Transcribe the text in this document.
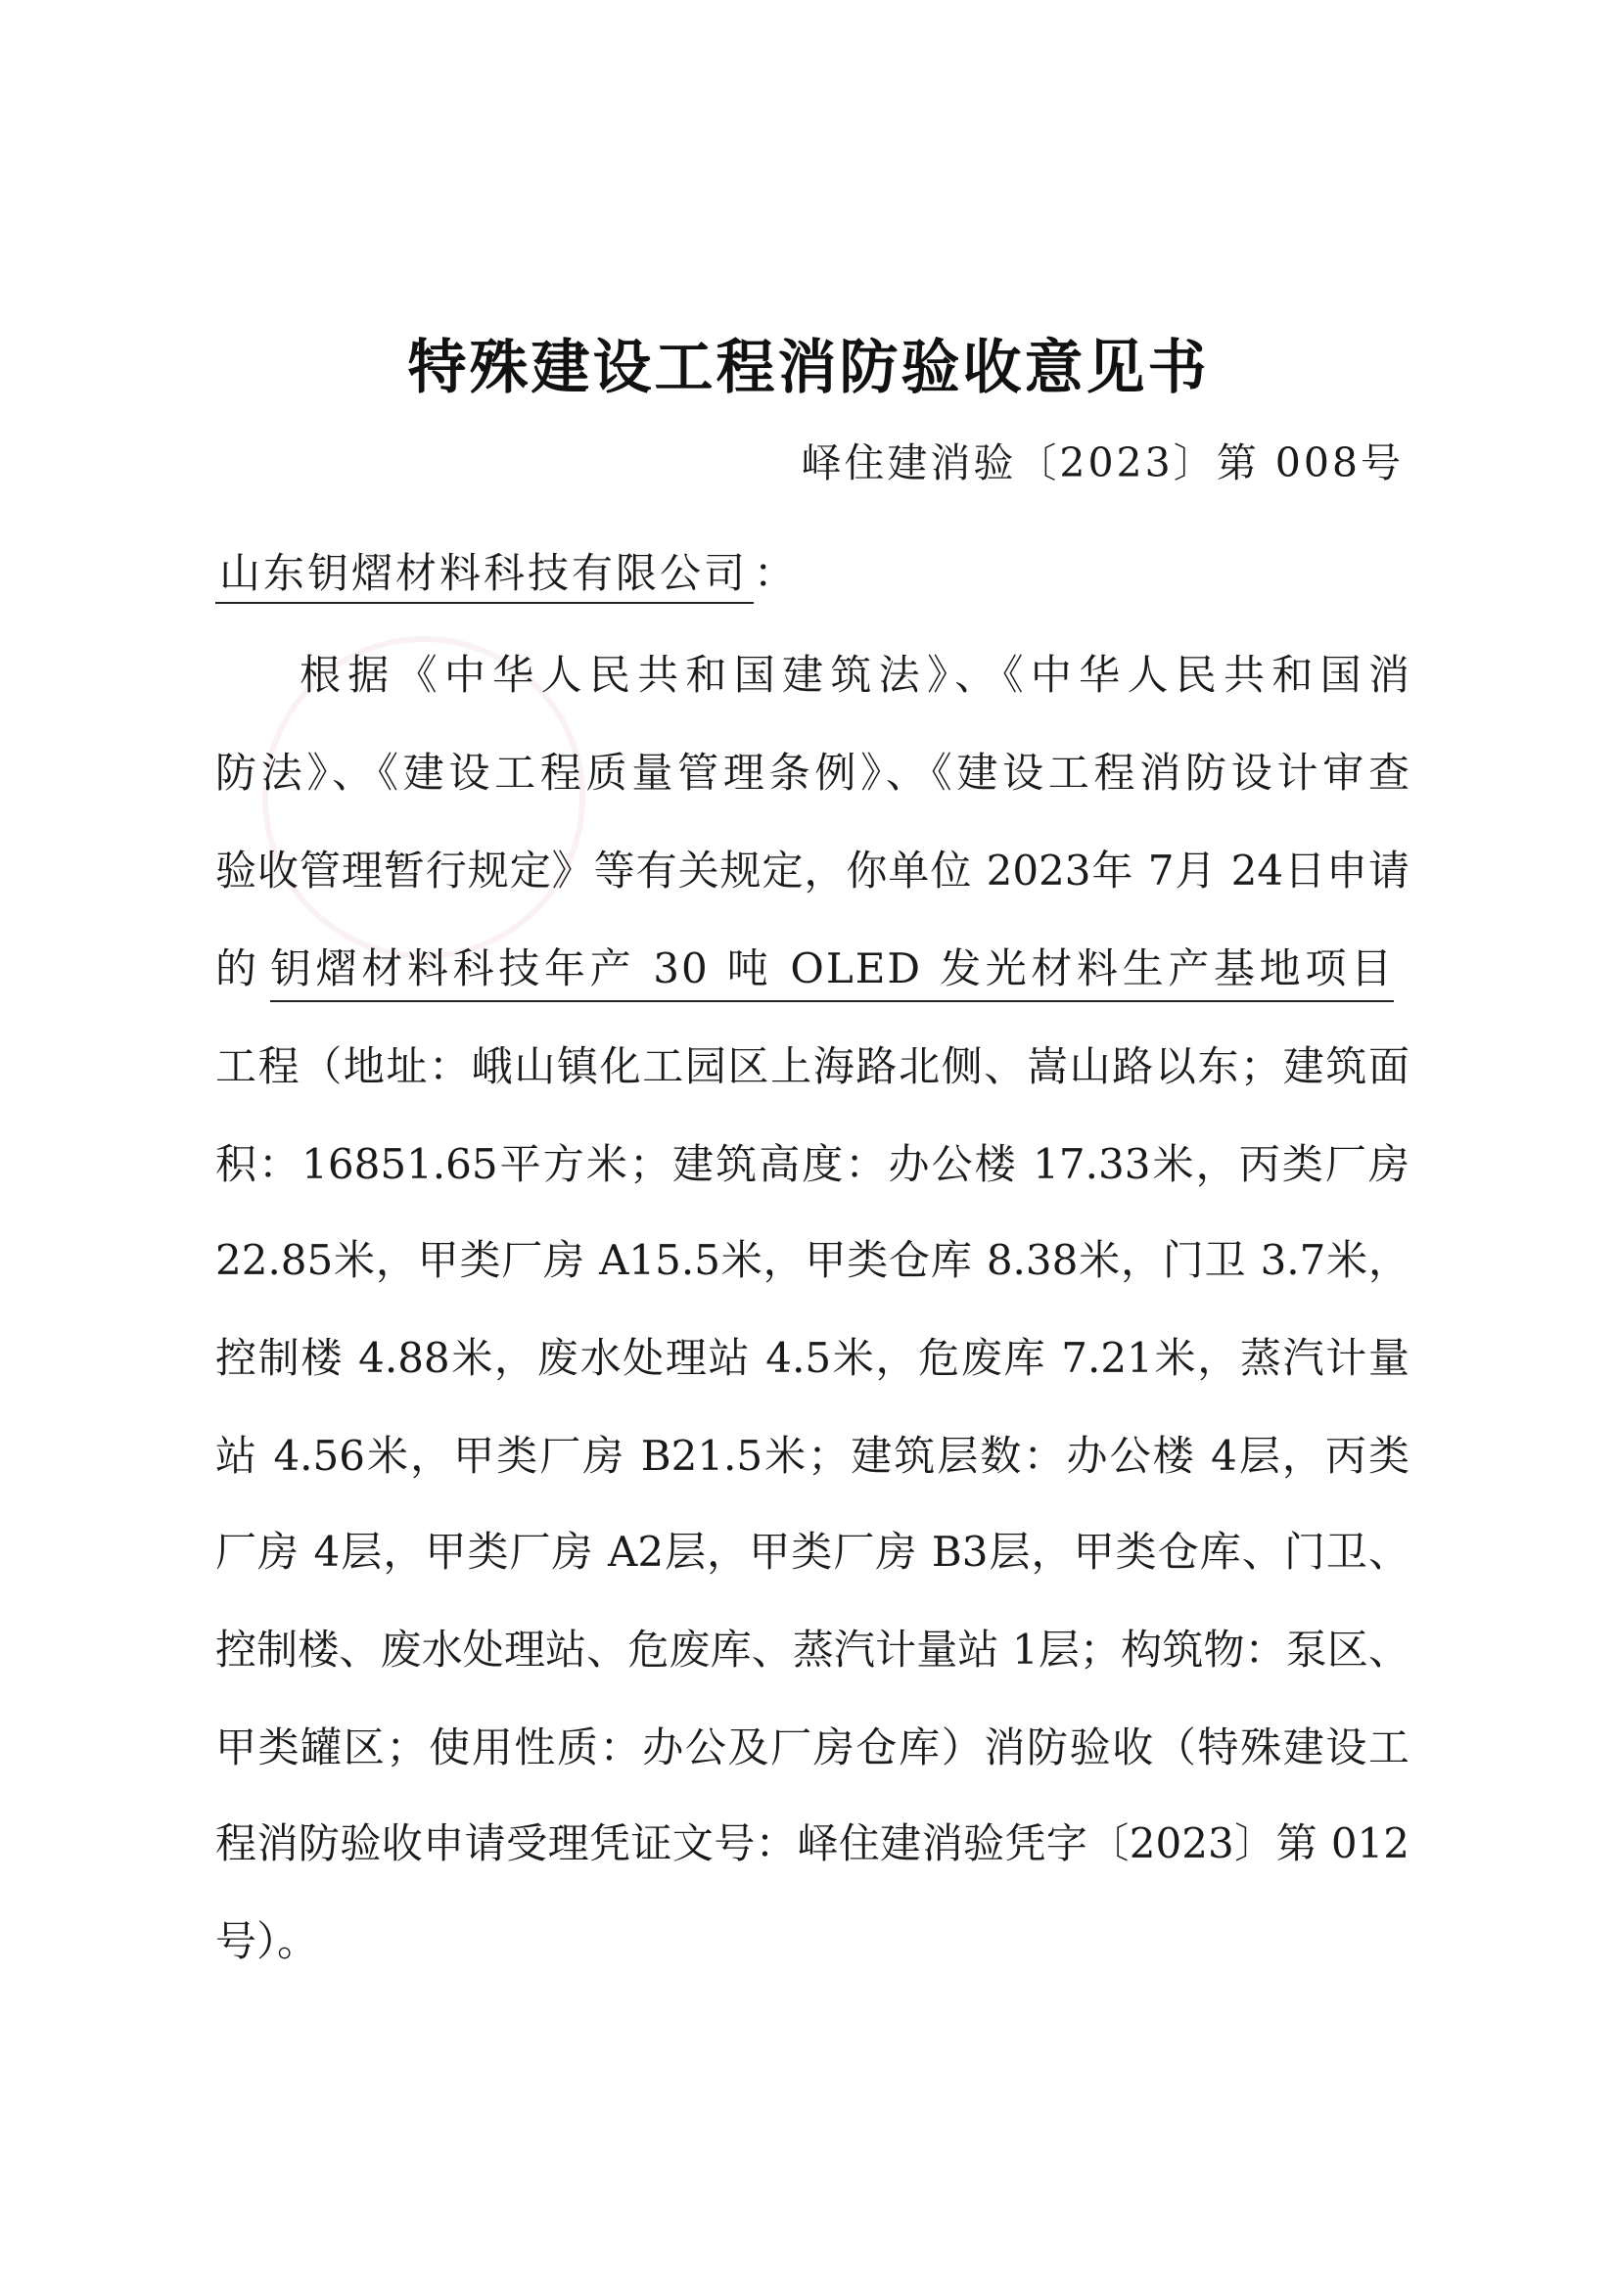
特殊建设工程消防验收意见书
峄住建消验〔2023〕第 008号
山东钥熠材料科技有限公司 ：
根据《中华人民共和国建筑法》、《中华人民共和国消
防法》、《建设工程质量管理条例》、《建设工程消防设计审查
验收管理暂行规定》等有关规定，你单位 2023年 7月 24日申请
的 钥熠材料科技年产 30 吨 OLED 发光材料生产基地项目
工程（地址：峨山镇化工园区上海路北侧、嵩山路以东；建筑面
积：16851.65平方米；建筑高度：办公楼 17.33米，丙类厂房
22.85米，甲类厂房 A15.5米，甲类仓库 8.38米，门卫 3.7米，
控制楼 4.88米，废水处理站 4.5米，危废库 7.21米，蒸汽计量
站 4.56米，甲类厂房 B21.5米；建筑层数：办公楼 4层，丙类
厂房 4层，甲类厂房 A2层，甲类厂房 B3层，甲类仓库、门卫、
控制楼、废水处理站、危废库、蒸汽计量站 1层；构筑物：泵区、
甲类罐区；使用性质：办公及厂房仓库）消防验收（特殊建设工
程消防验收申请受理凭证文号：峄住建消验凭字〔2023〕第 012
号）。
